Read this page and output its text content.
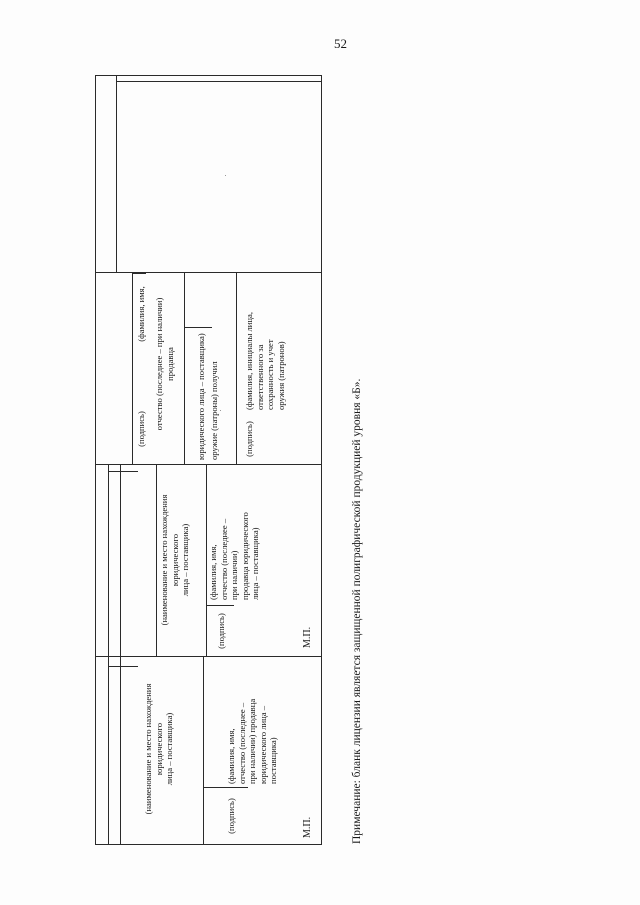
52
(наименование и место нахождения
юридического
лица – поставщика)
(подпись)
(фамилия, имя,
отчество (последнее –
при наличии) продавца
юридического лица –
поставщика)
М.П.
(наименование и место нахождения
юридического
лица – поставщика)
(подпись)
(фамилия, имя,
отчество (последнее –
при наличии)
продавца юридического
лица – поставщика)
М.П.
(подпись)
(фамилия, имя,
отчество (последнее – при наличии)
продавца	юридического лица – поставщика) оружие (патроны) получил	(подпись)
(фамилия, инициалы лица,
ответственного за
сохранность и учет
оружия (патронов)
Примечание: бланк лицензии является защищенной полиграфической продукцией уровня «Б».
